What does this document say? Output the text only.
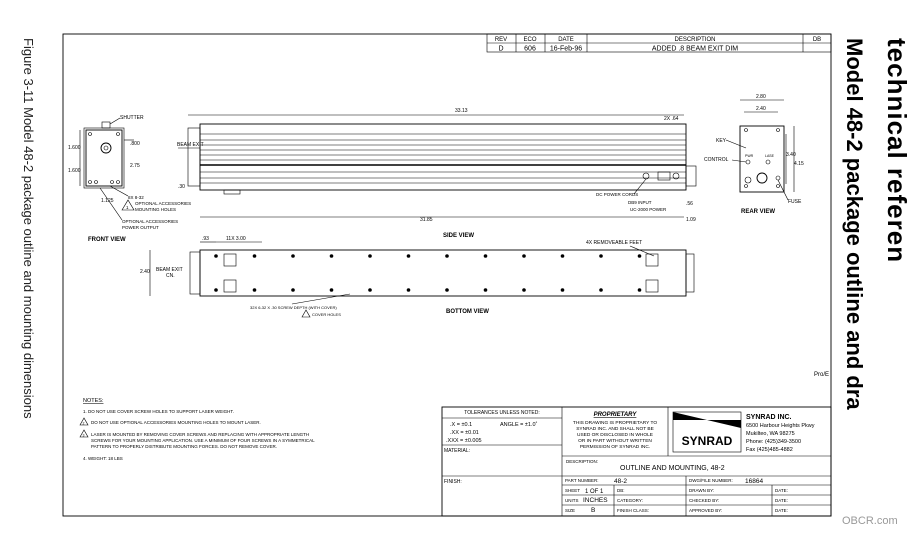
Figure 3-11 Model 48-2 package outline and mounting dimensions	technical referen
Model 48-2 package outline and dra
OBCR.com
REV	ECO	DATE	DESCRIPTION	DB
D	606 16-Feb-96	ADDED .8 BEAM EXIT DIM
SHUTTER
.800
2.75
1.600
1.600
1.125
8X 8-32
1
OPTIONAL ACCESSORIES
MOUNTING HOLES
OPTIONAL ACCESSORIES
POWER OUTPUT
FRONT VIEW
33.13
2X .64
BEAM EXIT
.30
DC POWER CORDS
DB9 INPUT
UC-2000 POWER
.56
31.85	1.09
SIDE VIEW
2.80
2.40
PWR	LASE 3.40
4.15
KEY
CONTROL
FUSE
REAR VIEW
.93	11X 3.00
4X REMOVEABLE FEET
2.40 BEAM EXIT
CN.
32X 6-32 X .30 SCREW DEPTH (WITH COVER)
COVER HOLES	BOTTOM VIEW
Pro/E
NOTES:
1. DO NOT USE COVER SCREW HOLES TO SUPPORT LASER WEIGHT.
2 DO NOT USE OPTIONAL ACCESSORIES MOUNTING HOLES TO MOUNT LASER.
3 LASER IS MOUNTED BY REMOVING COVER SCREWS AND REPLACING WITH APPROPRIATE LENGTH
SCREWS FOR YOUR MOUNTING APPLICATION. USE A MINIMUM OF FOUR SCREWS IN A SYMMETRICAL
PATTERN TO PROPERLY DISTRIBUTE MOUNTING FORCES. DO NOT REMOVE COVER.
4. WEIGHT: 18 LBS
TOLERANCES UNLESS NOTED:
.X = ±0.1	ANGLE = ±1.0˚
.XX = ±0.01
.XXX = ±0.005
MATERIAL:
FINISH:
PROPRIETARY
THIS DRAWING IS PROPRIETARY TO
SYNRAD INC. AND SHALL NOT BE
USED OR DISCLOSED IN WHOLE
OR IN PART WITHOUT WRITTEN
PERMISSION OF SYNRAD INC.	SYNRAD
SYNRAD INC.
6500 Harbour Heights Pkwy
Mukilteo, WA 98275
Phone: (425)349-3500
Fax (425)485-4882
DESCRIPTION:
OUTLINE AND MOUNTING, 48-2
PART NUMBER: 48-2	DWG/FILE NUMBER: 16864
SHEET 1 OF 1	DB:	DRAWN BY:	DATE:
UNITS INCHES CATEGORY:	CHECKED BY:	DATE:
SIZE B	FINISH CLASS:	APPROVED BY:	DATE:
